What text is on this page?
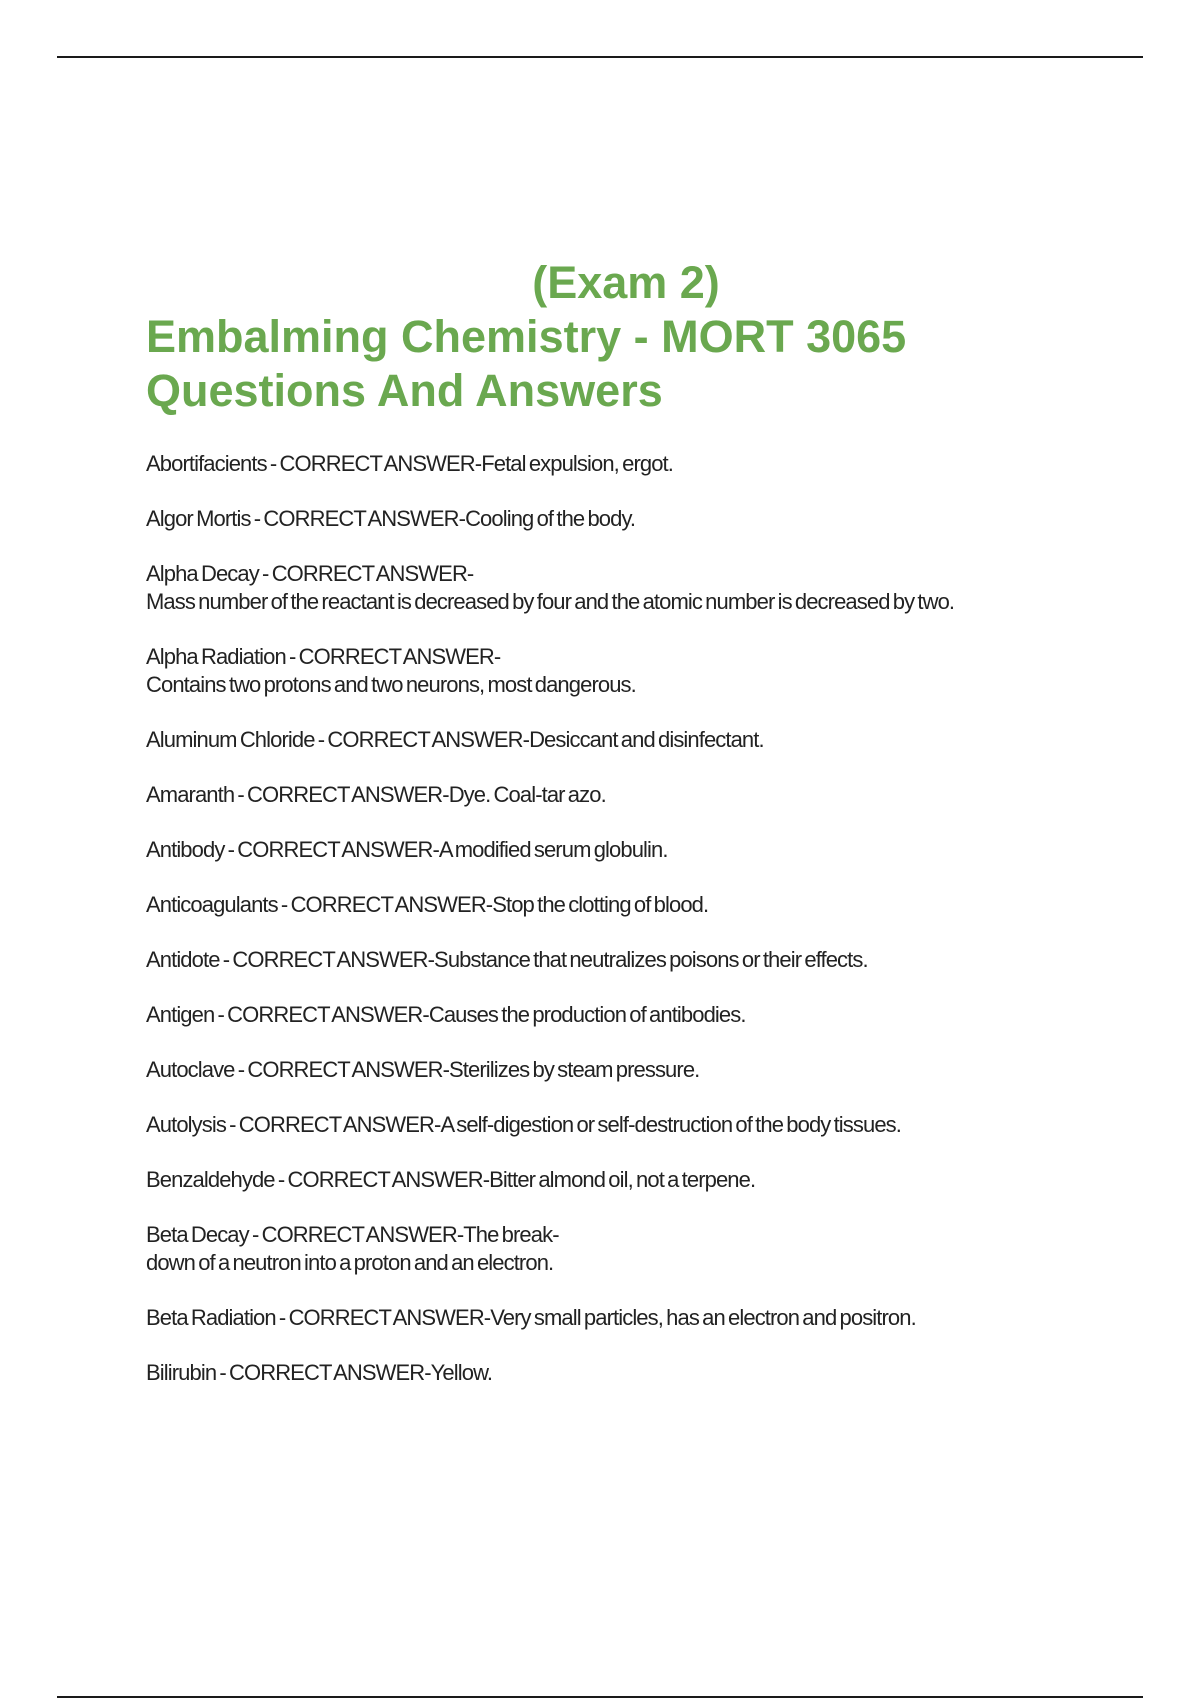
(Exam 2)
Embalming Chemistry - MORT 3065
Questions And Answers
Abortifacients - CORRECT ANSWER-Fetal expulsion, ergot.
Algor Mortis - CORRECT ANSWER-Cooling of the body.
Alpha Decay - CORRECT ANSWER-
Mass number of the reactant is decreased by four and the atomic number is decreased by two.
Alpha Radiation - CORRECT ANSWER-
Contains two protons and two neurons, most dangerous.
Aluminum Chloride - CORRECT ANSWER-Desiccant and disinfectant.
Amaranth - CORRECT ANSWER-Dye. Coal-tar azo.
Antibody - CORRECT ANSWER-A modified serum globulin.
Anticoagulants - CORRECT ANSWER-Stop the clotting of blood.
Antidote - CORRECT ANSWER-Substance that neutralizes poisons or their effects.
Antigen - CORRECT ANSWER-Causes the production of antibodies.
Autoclave - CORRECT ANSWER-Sterilizes by steam pressure.
Autolysis - CORRECT ANSWER-A self-digestion or self-destruction of the body tissues.
Benzaldehyde - CORRECT ANSWER-Bitter almond oil, not a terpene.
Beta Decay - CORRECT ANSWER-The break-
down of a neutron into a proton and an electron.
Beta Radiation - CORRECT ANSWER-Very small particles, has an electron and positron.
Bilirubin - CORRECT ANSWER-Yellow.
